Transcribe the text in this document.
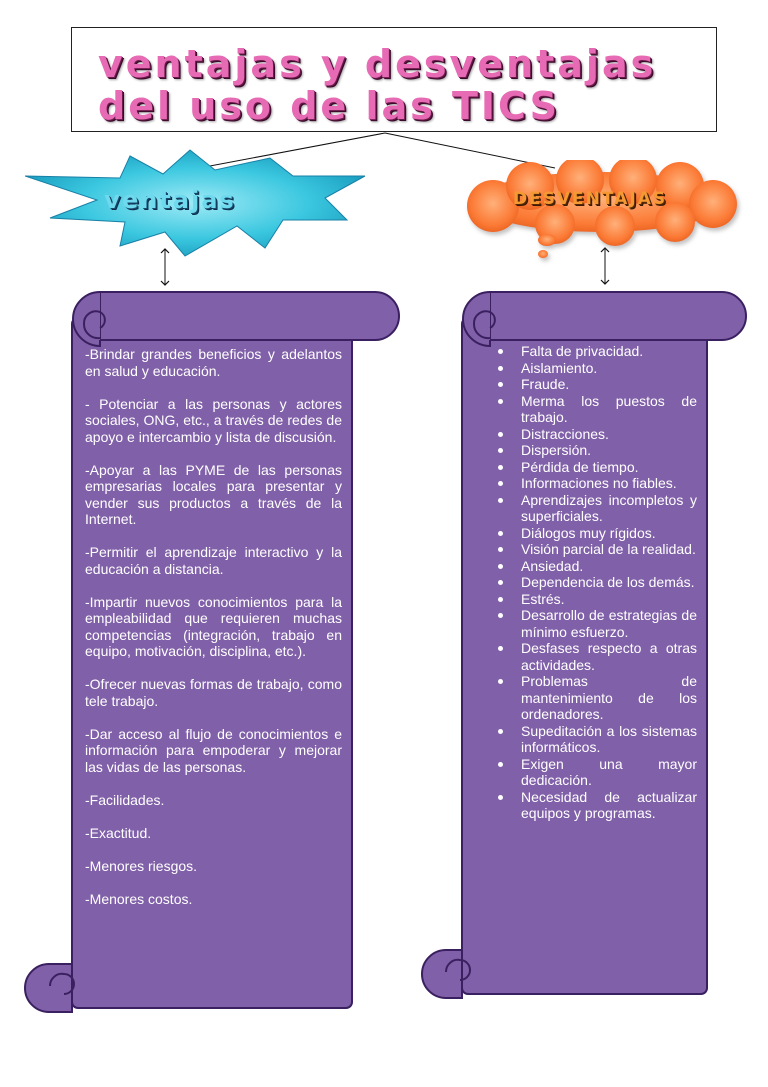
ventajas y desventajas

del uso de las TICS

ventajas	DESVENTAJAS

-Brindar grandes beneficios y adelantos en salud y educación.

- Potenciar a las personas y actores sociales, ONG, etc., a través de redes de apoyo e intercambio y lista de discusión.

-Apoyar a las PYME de las personas empresarias locales para presentar y vender sus productos a través de la Internet.

-Permitir el aprendizaje interactivo y la educación a distancia.

-Impartir nuevos conocimientos para la empleabilidad que requieren muchas competencias (integración, trabajo en equipo, motivación, disciplina, etc.).

-Ofrecer nuevas formas de trabajo, como tele trabajo.

-Dar acceso al flujo de conocimientos e información para empoderar y mejorar las vidas de las personas.

-Facilidades.

-Exactitud.

-Menores riesgos.

-Menores costos.

Falta de privacidad.
Aislamiento.
Fraude.
Merma los puestos de trabajo.
Distracciones.
Dispersión.
Pérdida de tiempo.
Informaciones no fiables.
Aprendizajes incompletos y superficiales.
Diálogos muy rígidos.
Visión parcial de la realidad.
Ansiedad.
Dependencia de los demás.
Estrés.
Desarrollo de estrategias de mínimo esfuerzo.
Desfases respecto a otras actividades.
Problemas de mantenimiento de los ordenadores.
Supeditación a los sistemas informáticos.
Exigen una mayor dedicación.
Necesidad de actualizar equipos y programas.
